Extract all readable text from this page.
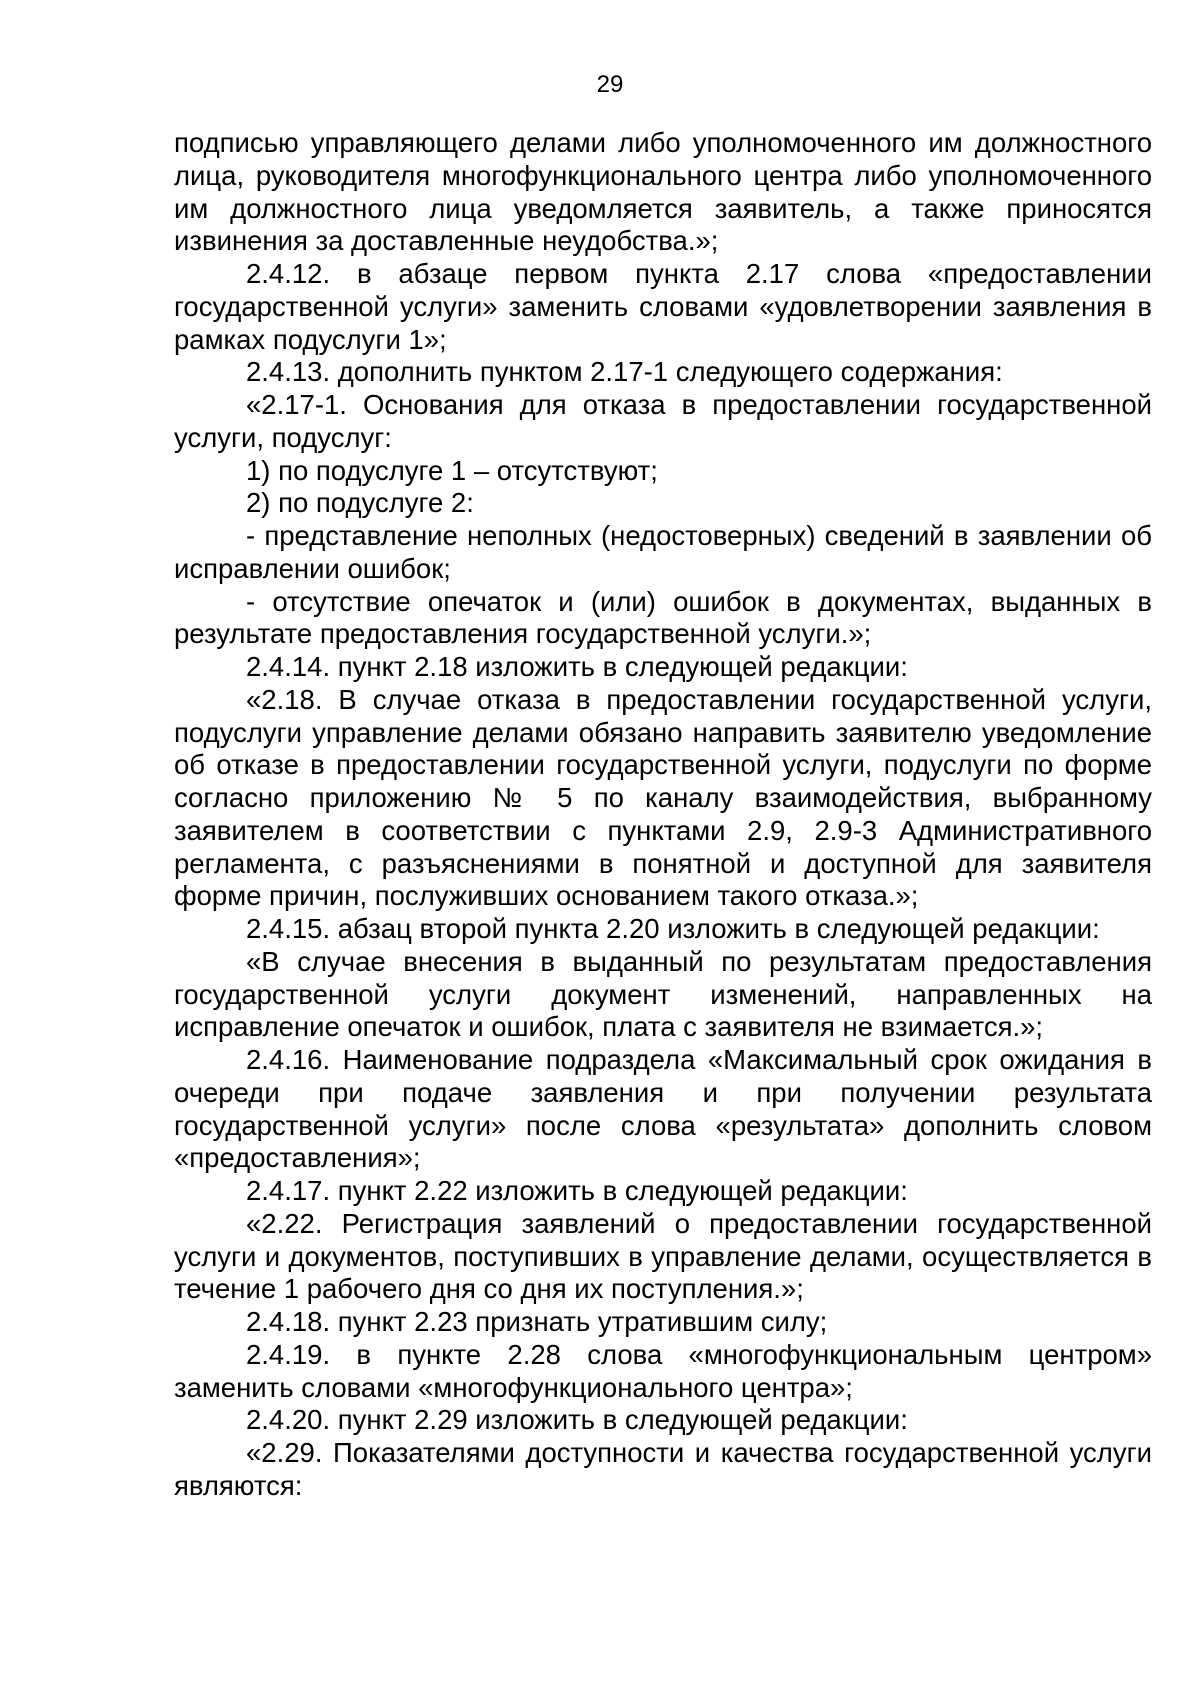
29

подписью управляющего делами либо уполномоченного им должностного лица, руководителя многофункционального центра либо уполномоченного им должностного лица уведомляется заявитель, а также приносятся извинения за доставленные неудобства.»;

2.4.12. в абзаце первом пункта 2.17 слова «предоставлении государственной услуги» заменить словами «удовлетворении заявления в рамках подуслуги 1»;

2.4.13. дополнить пунктом 2.17-1 следующего содержания:

«2.17-1. Основания для отказа в предоставлении государственной услуги, подуслуг:

1) по подуслуге 1 – отсутствуют;

2) по подуслуге 2:

- представление неполных (недостоверных) сведений в заявлении об исправлении ошибок;

- отсутствие опечаток и (или) ошибок в документах, выданных в результате предоставления государственной услуги.»;

2.4.14. пункт 2.18 изложить в следующей редакции:

«2.18. В случае отказа в предоставлении государственной услуги, подуслуги управление делами обязано направить заявителю уведомление об отказе в предоставлении государственной услуги, подуслуги по форме согласно приложению № 5 по каналу взаимодействия, выбранному заявителем в соответствии с пунктами 2.9, 2.9-3 Административного регламента, с разъяснениями в понятной и доступной для заявителя форме причин, послуживших основанием такого отказа.»;

2.4.15. абзац второй пункта 2.20 изложить в следующей редакции:

«В случае внесения в выданный по результатам предоставления государственной услуги документ изменений, направленных на исправление опечаток и ошибок, плата с заявителя не взимается.»;

2.4.16. Наименование подраздела «Максимальный срок ожидания в очереди при подаче заявления и при получении результата государственной услуги» после слова «результата» дополнить словом «предоставления»;

2.4.17. пункт 2.22 изложить в следующей редакции:

«2.22. Регистрация заявлений о предоставлении государственной услуги и документов, поступивших в управление делами, осуществляется в течение 1 рабочего дня со дня их поступления.»;

2.4.18. пункт 2.23 признать утратившим силу;

2.4.19. в пункте 2.28 слова «многофункциональным центром» заменить словами «многофункционального центра»;

2.4.20. пункт 2.29 изложить в следующей редакции:

«2.29. Показателями доступности и качества государственной услуги являются:
